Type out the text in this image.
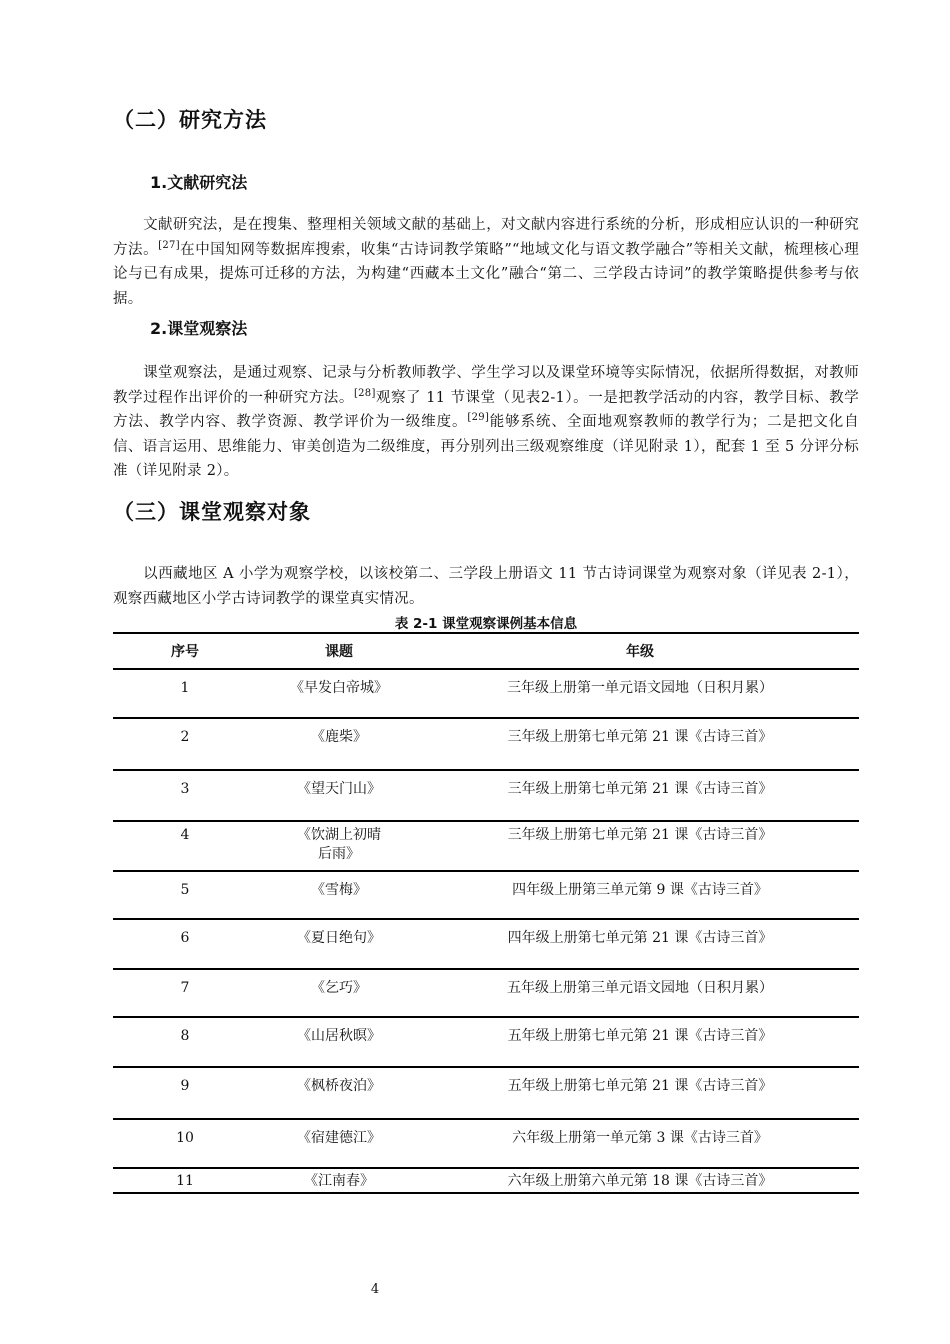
（二）研究方法
1.文献研究法
文献研究法，是在搜集、整理相关领域文献的基础上，对文献内容进行系统的分析，形成相应认识的一种研究方法。[27]在中国知网等数据库搜索，收集“古诗词教学策略”“地域文化与语文教学融合”等相关文献，梳理核心理论与已有成果，提炼可迁移的方法，为构建“西藏本土文化”融合“第二、三学段古诗词”的教学策略提供参考与依据。
2.课堂观察法
课堂观察法，是通过观察、记录与分析教师教学、学生学习以及课堂环境等实际情况，依据所得数据，对教师教学过程作出评价的一种研究方法。[28]观察了 11 节课堂（见表2-1）。一是把教学活动的内容，教学目标、教学方法、教学内容、教学资源、教学评价为一级维度。[29]能够系统、全面地观察教师的教学行为；二是把文化自信、语言运用、思维能力、审美创造为二级维度，再分别列出三级观察维度（详见附录 1），配套 1 至 5 分评分标准（详见附录 2）。
（三）课堂观察对象
以西藏地区 A 小学为观察学校，以该校第二、三学段上册语文 11 节古诗词课堂为观察对象（详见表 2-1），观察西藏地区小学古诗词教学的课堂真实情况。
表 2-1 课堂观察课例基本信息
序号	课题	年级
1	《早发白帝城》	三年级上册第一单元语文园地（日积月累）
2	《鹿柴》	三年级上册第七单元第 21 课《古诗三首》
3	《望天门山》	三年级上册第七单元第 21 课《古诗三首》
4	《饮湖上初晴后雨》	三年级上册第七单元第 21 课《古诗三首》
5	《雪梅》	四年级上册第三单元第 9 课《古诗三首》
6	《夏日绝句》	四年级上册第七单元第 21 课《古诗三首》
7	《乞巧》	五年级上册第三单元语文园地（日积月累）
8	《山居秋暝》	五年级上册第七单元第 21 课《古诗三首》
9	《枫桥夜泊》	五年级上册第七单元第 21 课《古诗三首》
10	《宿建德江》	六年级上册第一单元第 3 课《古诗三首》
11	《江南春》	六年级上册第六单元第 18 课《古诗三首》
4
